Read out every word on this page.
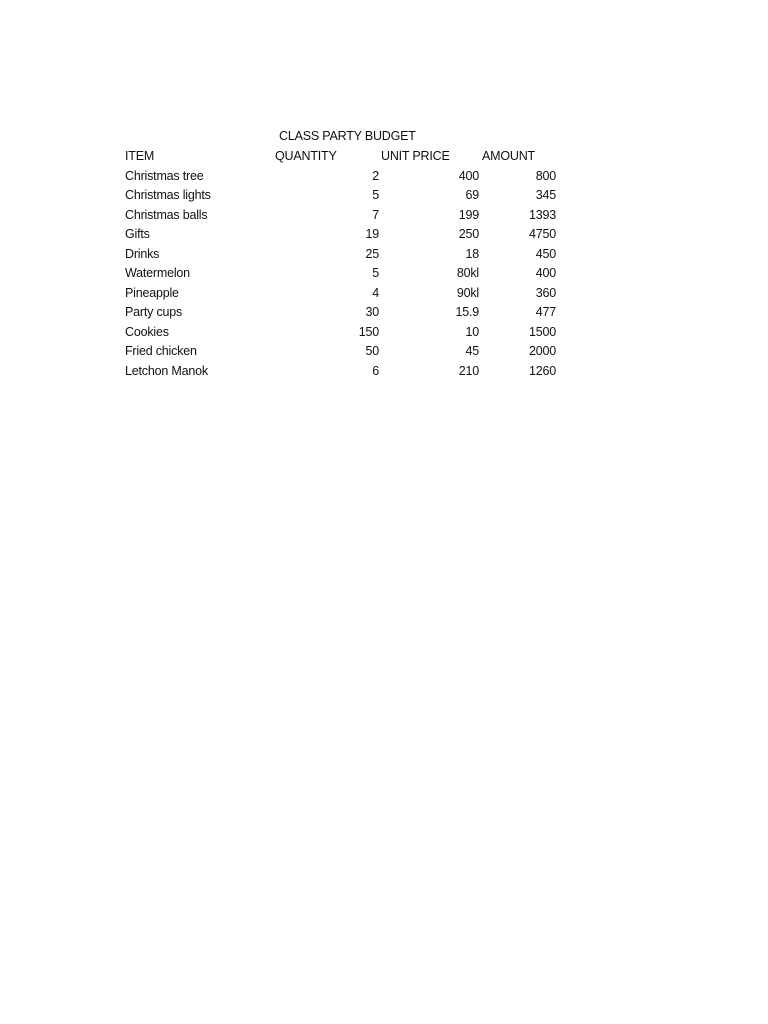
CLASS PARTY BUDGET
ITEM	QUANTITY	UNIT PRICE	AMOUNT
Christmas tree	2	400	800
Christmas lights	5	69	345
Christmas balls	7	199	1393
Gifts	19	250	4750
Drinks	25	18	450
Watermelon	5	80kl	400
Pineapple	4	90kl	360
Party cups	30	15.9	477
Cookies	150	10	1500
Fried chicken	50	45	2000
Letchon Manok	6	210	1260
